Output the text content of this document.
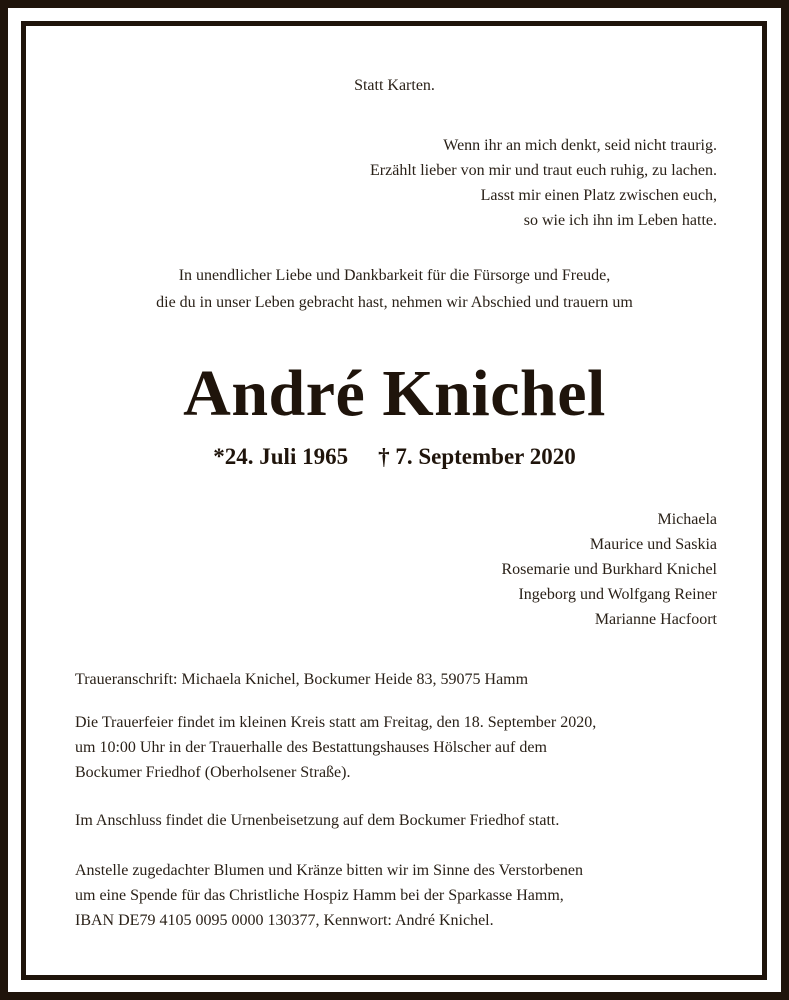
Statt Karten.
Wenn ihr an mich denkt, seid nicht traurig.
Erzählt lieber von mir und traut euch ruhig, zu lachen.
Lasst mir einen Platz zwischen euch,
so wie ich ihn im Leben hatte.
In unendlicher Liebe und Dankbarkeit für die Fürsorge und Freude,
die du in unser Leben gebracht hast, nehmen wir Abschied und trauern um
André Knichel
*24. Juli 1965 † 7. September 2020
Michaela
Maurice und Saskia
Rosemarie und Burkhard Knichel
Ingeborg und Wolfgang Reiner
Marianne Hacfoort
Traueranschrift: Michaela Knichel, Bockumer Heide 83, 59075 Hamm
Die Trauerfeier findet im kleinen Kreis statt am Freitag, den 18. September 2020,
um 10:00 Uhr in der Trauerhalle des Bestattungshauses Hölscher auf dem
Bockumer Friedhof (Oberholsener Straße).
Im Anschluss findet die Urnenbeisetzung auf dem Bockumer Friedhof statt.
Anstelle zugedachter Blumen und Kränze bitten wir im Sinne des Verstorbenen
um eine Spende für das Christliche Hospiz Hamm bei der Sparkasse Hamm,
IBAN DE79 4105 0095 0000 130377, Kennwort: André Knichel.
